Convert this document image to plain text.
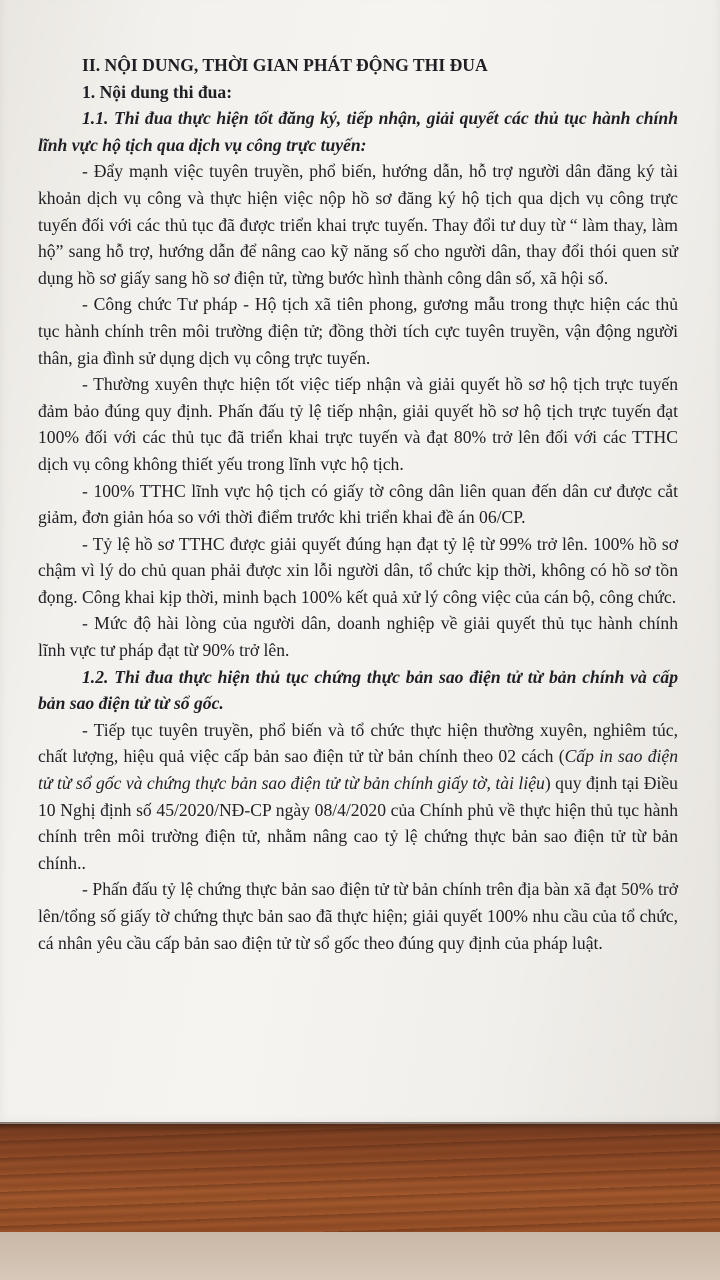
II. NỘI DUNG, THỜI GIAN PHÁT ĐỘNG THI ĐUA

1. Nội dung thi đua:

1.1. Thi đua thực hiện tốt đăng ký, tiếp nhận, giải quyết các thủ tục hành chính lĩnh vực hộ tịch qua dịch vụ công trực tuyến:

- Đẩy mạnh việc tuyên truyền, phổ biến, hướng dẫn, hỗ trợ người dân đăng ký tài khoản dịch vụ công và thực hiện việc nộp hồ sơ đăng ký hộ tịch qua dịch vụ công trực tuyến đối với các thủ tục đã được triển khai trực tuyến. Thay đổi tư duy từ “ làm thay, làm hộ” sang hỗ trợ, hướng dẫn để nâng cao kỹ năng số cho người dân, thay đổi thói quen sử dụng hồ sơ giấy sang hồ sơ điện tử, từng bước hình thành công dân số, xã hội số.

- Công chức Tư pháp - Hộ tịch xã tiên phong, gương mẫu trong thực hiện các thủ tục hành chính trên môi trường điện tử; đồng thời tích cực tuyên truyền, vận động người thân, gia đình sử dụng dịch vụ công trực tuyến.

- Thường xuyên thực hiện tốt việc tiếp nhận và giải quyết hồ sơ hộ tịch trực tuyến đảm bảo đúng quy định. Phấn đấu tỷ lệ tiếp nhận, giải quyết hồ sơ hộ tịch trực tuyến đạt 100% đối với các thủ tục đã triển khai trực tuyến và đạt 80% trở lên đối với các TTHC dịch vụ công không thiết yếu trong lĩnh vực hộ tịch.

- 100% TTHC lĩnh vực hộ tịch có giấy tờ công dân liên quan đến dân cư được cắt giảm, đơn giản hóa so với thời điểm trước khi triển khai đề án 06/CP.

- Tỷ lệ hồ sơ TTHC được giải quyết đúng hạn đạt tỷ lệ từ 99% trở lên. 100% hồ sơ chậm vì lý do chủ quan phải được xin lỗi người dân, tổ chức kịp thời, không có hồ sơ tồn đọng. Công khai kịp thời, minh bạch 100% kết quả xử lý công việc của cán bộ, công chức.

- Mức độ hài lòng của người dân, doanh nghiệp về giải quyết thủ tục hành chính lĩnh vực tư pháp đạt từ 90% trở lên.

1.2. Thi đua thực hiện thủ tục chứng thực bản sao điện tử từ bản chính và cấp bản sao điện tử từ sổ gốc.

- Tiếp tục tuyên truyền, phổ biến và tổ chức thực hiện thường xuyên, nghiêm túc, chất lượng, hiệu quả việc cấp bản sao điện tử từ bản chính theo 02 cách (Cấp in sao điện tử từ sổ gốc và chứng thực bản sao điện tử từ bản chính giấy tờ, tài liệu) quy định tại Điều 10 Nghị định số 45/2020/NĐ-CP ngày 08/4/2020 của Chính phủ về thực hiện thủ tục hành chính trên môi trường điện tử, nhằm nâng cao tỷ lệ chứng thực bản sao điện tử từ bản chính..

- Phấn đấu tỷ lệ chứng thực bản sao điện tử từ bản chính trên địa bàn xã đạt 50% trở lên/tổng số giấy tờ chứng thực bản sao đã thực hiện; giải quyết 100% nhu cầu của tổ chức, cá nhân yêu cầu cấp bản sao điện tử từ sổ gốc theo đúng quy định của pháp luật.
